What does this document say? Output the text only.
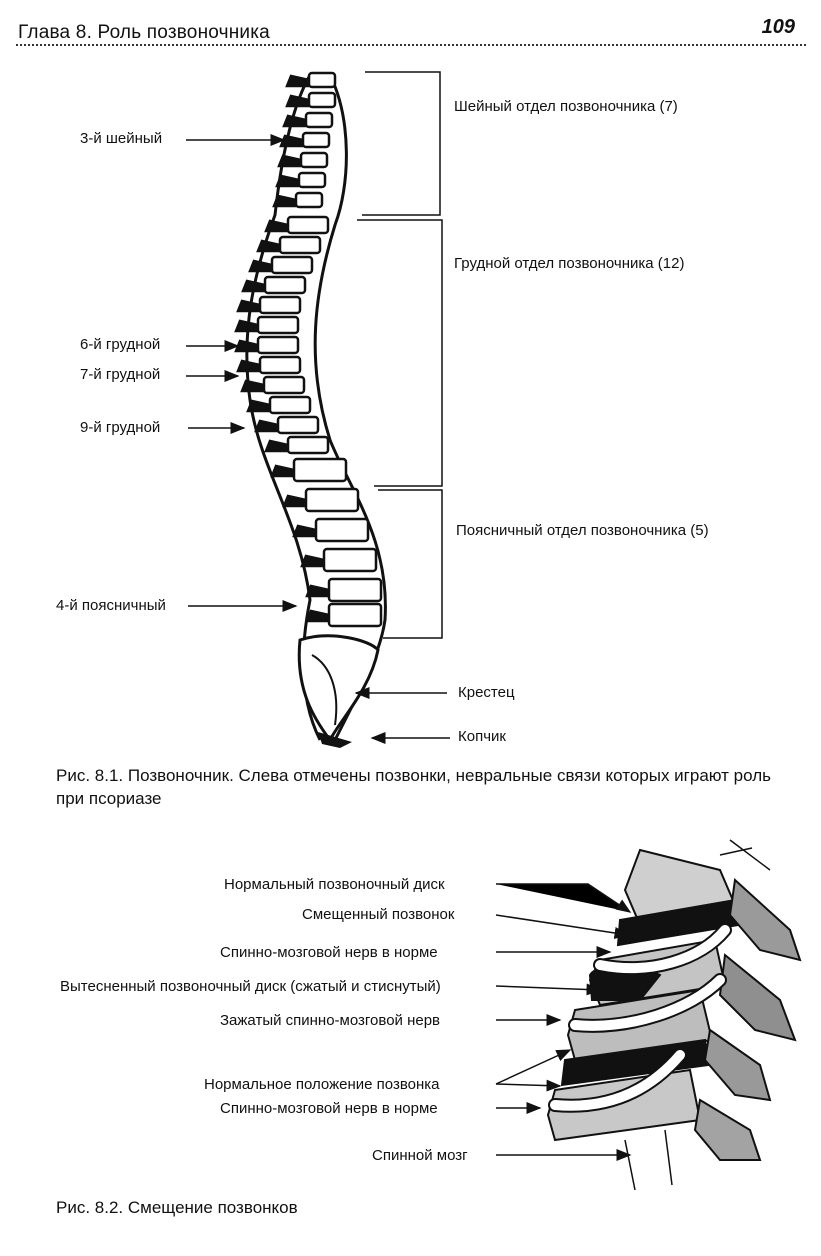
Глава 8. Роль позвоночника	109
3-й шейный
6-й грудной
7-й грудной
9-й грудной
4-й поясничный
Шейный отдел позвоночника (7)
Грудной отдел позвоночника (12)
Поясничный отдел позвоночника (5)
Крестец
Копчик
Рис. 8.1. Позвоночник. Слева отмечены позвонки, невральные связи которых играют роль при псориазе
Нормальный позвоночный диск
Смещенный позвонок
Спинно-мозговой нерв в норме
Вытесненный позвоночный диск (сжатый и стиснутый)
Зажатый спинно-мозговой нерв
Нормальное положение позвонка
Спинно-мозговой нерв в норме
Спинной мозг
Рис. 8.2. Смещение позвонков
